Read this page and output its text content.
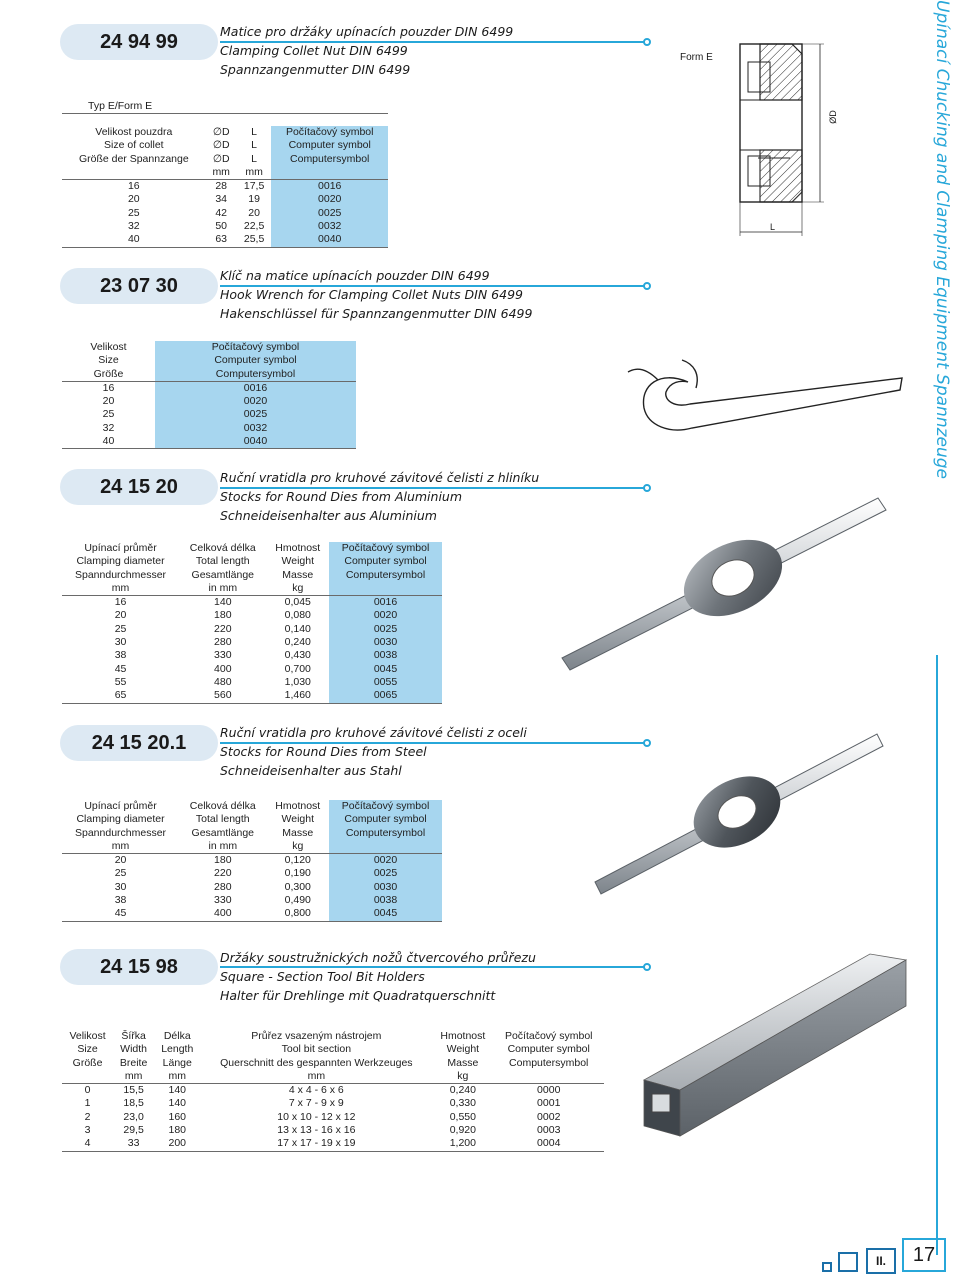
24 94 99
23 07 30
24 15 20
24 15 20.1
24 15 98
Matice pro držáky upínacích pouzder DIN 6499
Clamping Collet Nut DIN 6499
Spannzangenmutter DIN 6499
Klíč na matice upínacích pouzder DIN 6499
Hook Wrench for Clamping Collet Nuts DIN 6499
Hakenschlüssel für Spannzangenmutter DIN 6499
Ruční vratidla pro kruhové závitové čelisti z hliníku
Stocks for Round Dies from Aluminium
Schneideisenhalter aus Aluminium
Ruční vratidla pro kruhové závitové čelisti z oceli
Stocks for Round Dies from Steel
Schneideisenhalter aus Stahl
Držáky soustružnických nožů čtvercového průřezu
Square - Section Tool Bit Holders
Halter für Drehlinge mit Quadratquerschnitt
Typ E/Form E
Velikost pouzdra	∅D	L	Počítačový symbol
Size of collet	∅D	L	Computer symbol
Größe der Spannzange	∅D	L	Computersymbol
	mm	mm	
16	28	17,5	0016
20	34	19	0020
25	42	20	0025
32	50	22,5	0032
40	63	25,5	0040
Velikost	Počítačový symbol
Size	Computer symbol
Größe	Computersymbol
16	0016
20	0020
25	0025
32	0032
40	0040
Upínací průměr	Celková délka	Hmotnost	Počítačový symbol
Clamping diameter	Total length	Weight	Computer symbol
Spanndurchmesser	Gesamtlänge	Masse	Computersymbol
mm	in mm	kg	
16	140	0,045	0016
20	180	0,080	0020
25	220	0,140	0025
30	280	0,240	0030
38	330	0,430	0038
45	400	0,700	0045
55	480	1,030	0055
65	560	1,460	0065
Upínací průměr	Celková délka	Hmotnost	Počítačový symbol
Clamping diameter	Total length	Weight	Computer symbol
Spanndurchmesser	Gesamtlänge	Masse	Computersymbol
mm	in mm	kg	
20	180	0,120	0020
25	220	0,190	0025
30	280	0,300	0030
38	330	0,490	0038
45	400	0,800	0045
Velikost	Šířka	Délka	Průřez vsazeným nástrojem	Hmotnost	Počítačový symbol
Size	Width	Length	Tool bit section	Weight	Computer symbol
Größe	Breite	Länge	Querschnitt des gespannten Werkzeuges	Masse	Computersymbol
	mm	mm	mm	kg	
0	15,5	140	4 x 4 - 6 x 6	0,240	0000
1	18,5	140	7 x 7 - 9 x 9	0,330	0001
2	23,0	160	10 x 10 - 12 x 12	0,550	0002
3	29,5	180	13 x 13 - 16 x 16	0,920	0003
4	33	200	17 x 17 - 19 x 19	1,200	0004
Form E
ØD
L	Upínací Chucking and Clamping Equipment Spannzeuge
II.	17
